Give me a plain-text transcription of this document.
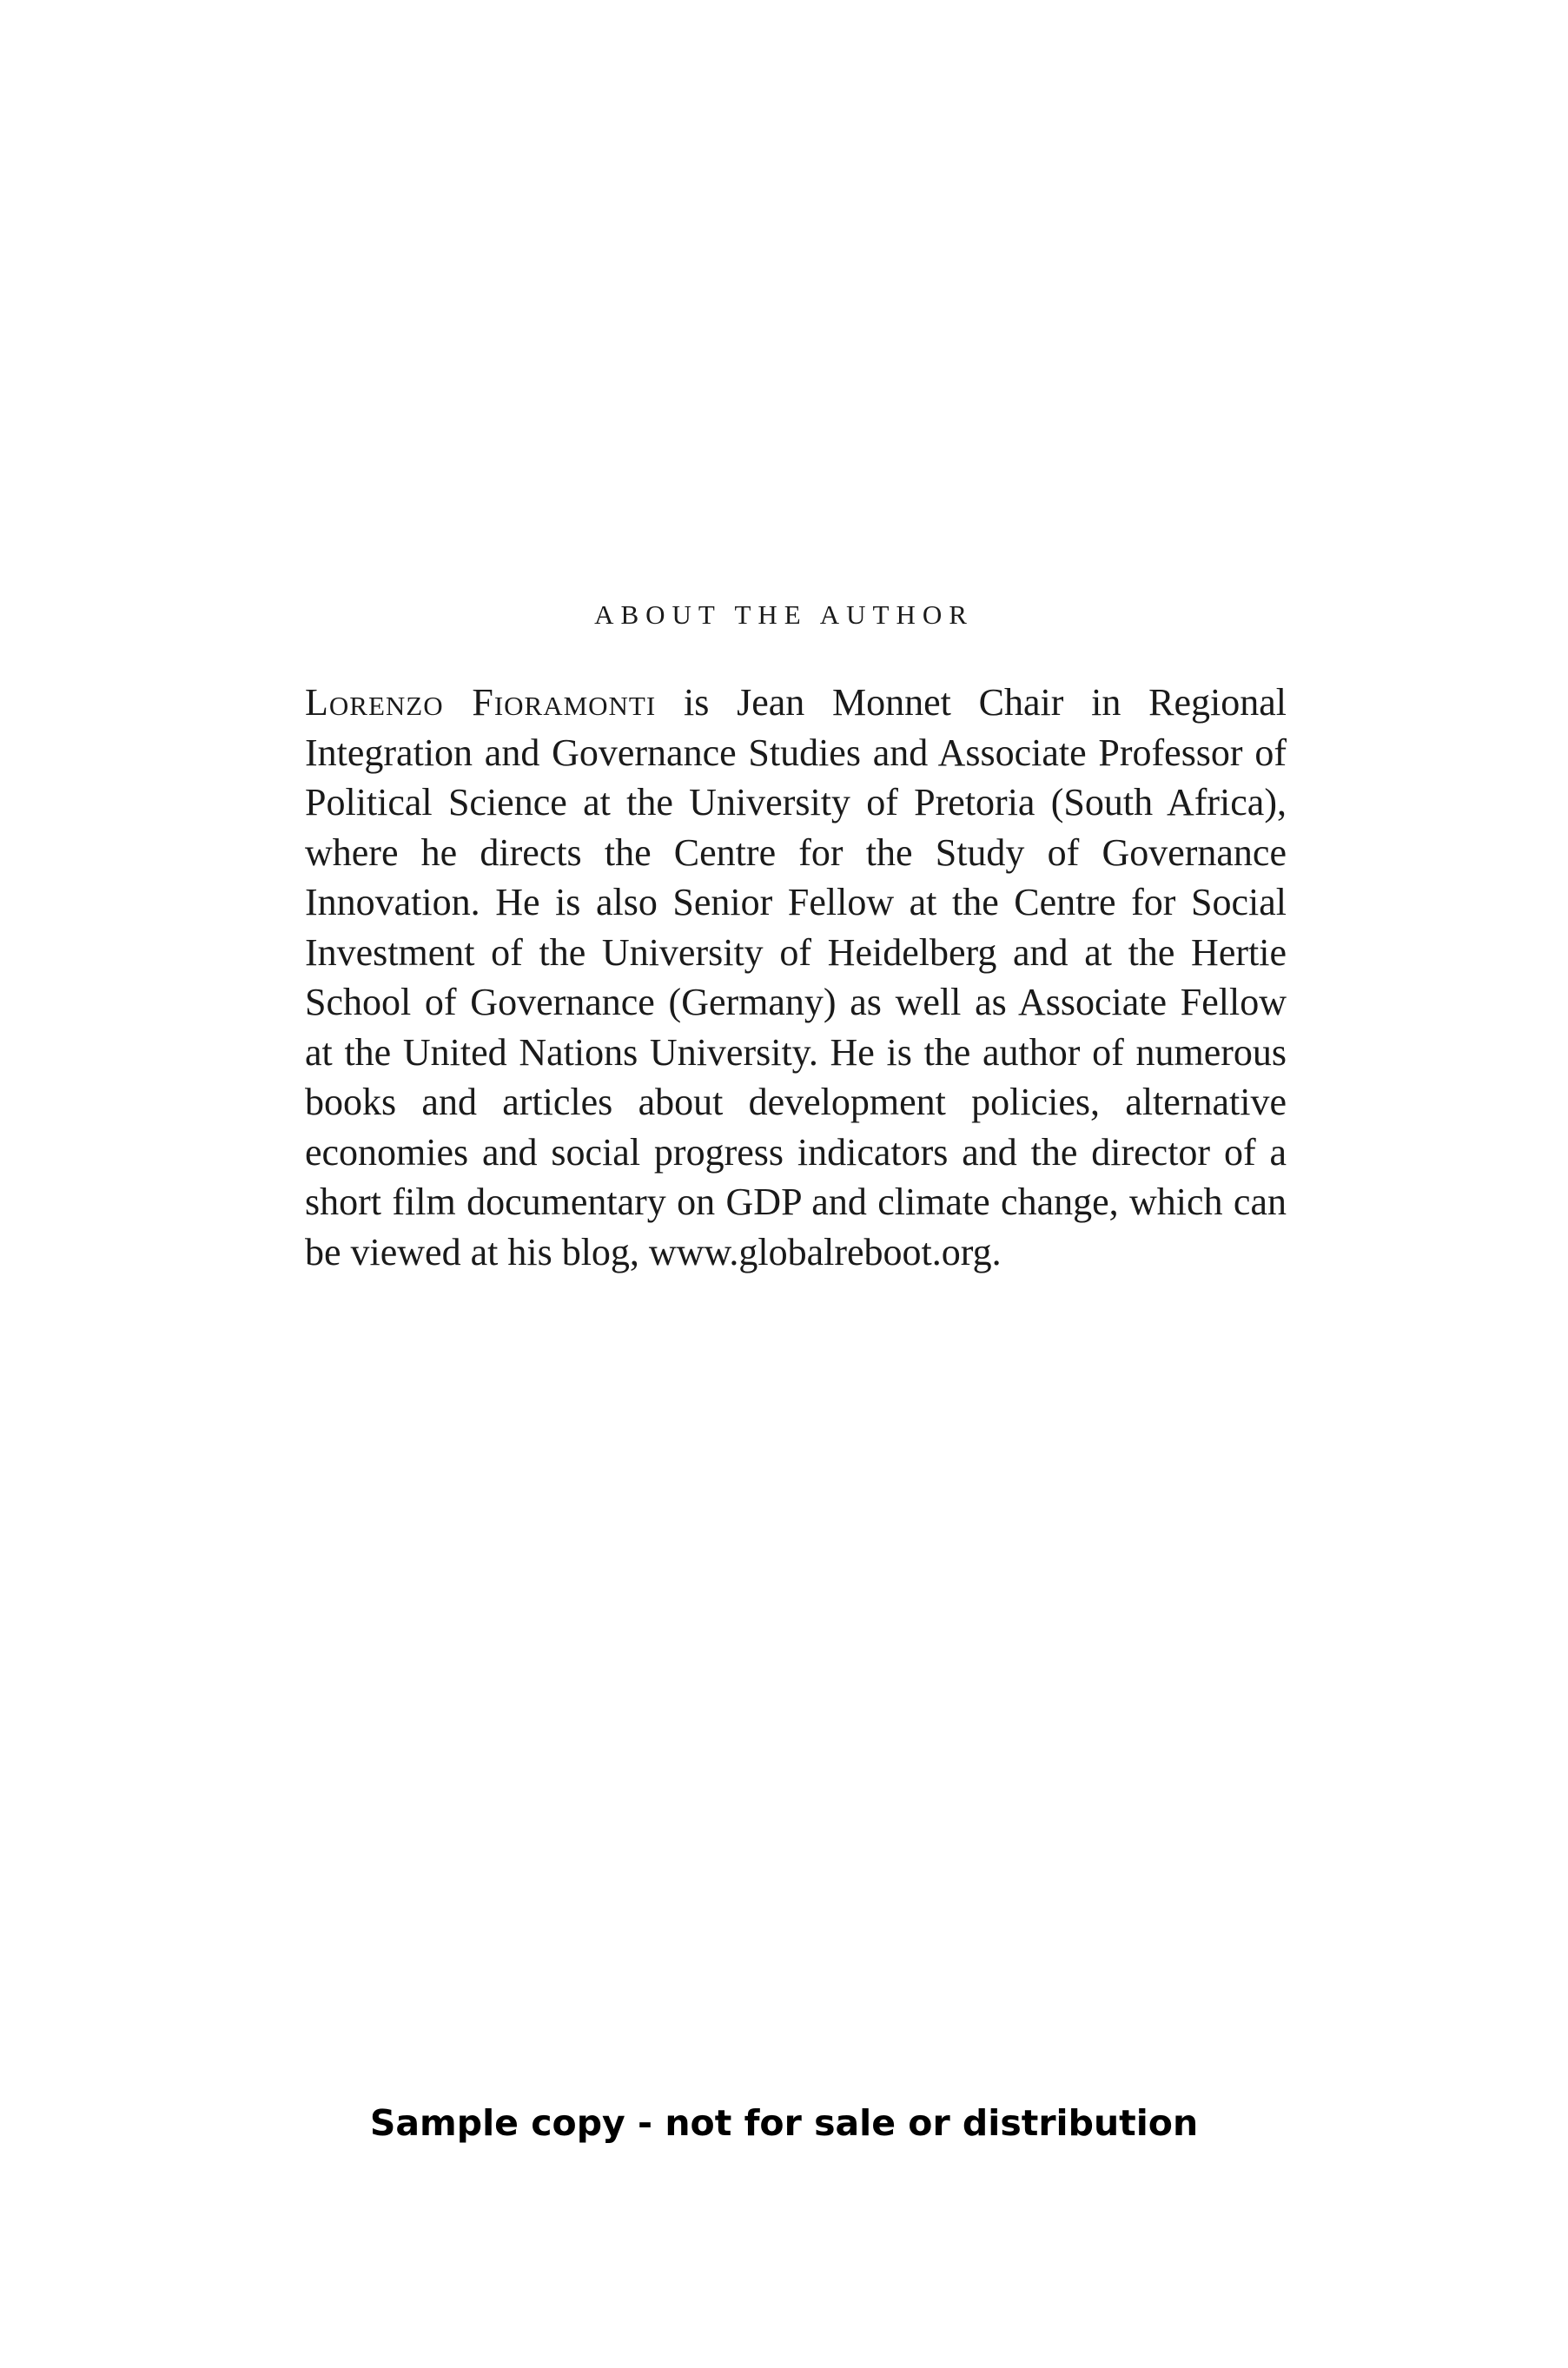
ABOUT THE AUTHOR

Lorenzo Fioramonti is Jean Monnet Chair in Regional Integration and Governance Studies and Associate Professor of Political Science at the University of Pretoria (South Africa), where he directs the Centre for the Study of Governance Innovation. He is also Senior Fellow at the Centre for Social Investment of the University of Heidelberg and at the Hertie School of Governance (Germany) as well as Associate Fellow at the United Nations University. He is the author of numerous books and articles about development policies, alternative economies and social progress indicators and the director of a short film documentary on GDP and climate change, which can be viewed at his blog, www.globalreboot.org.

Sample copy - not for sale or distribution
